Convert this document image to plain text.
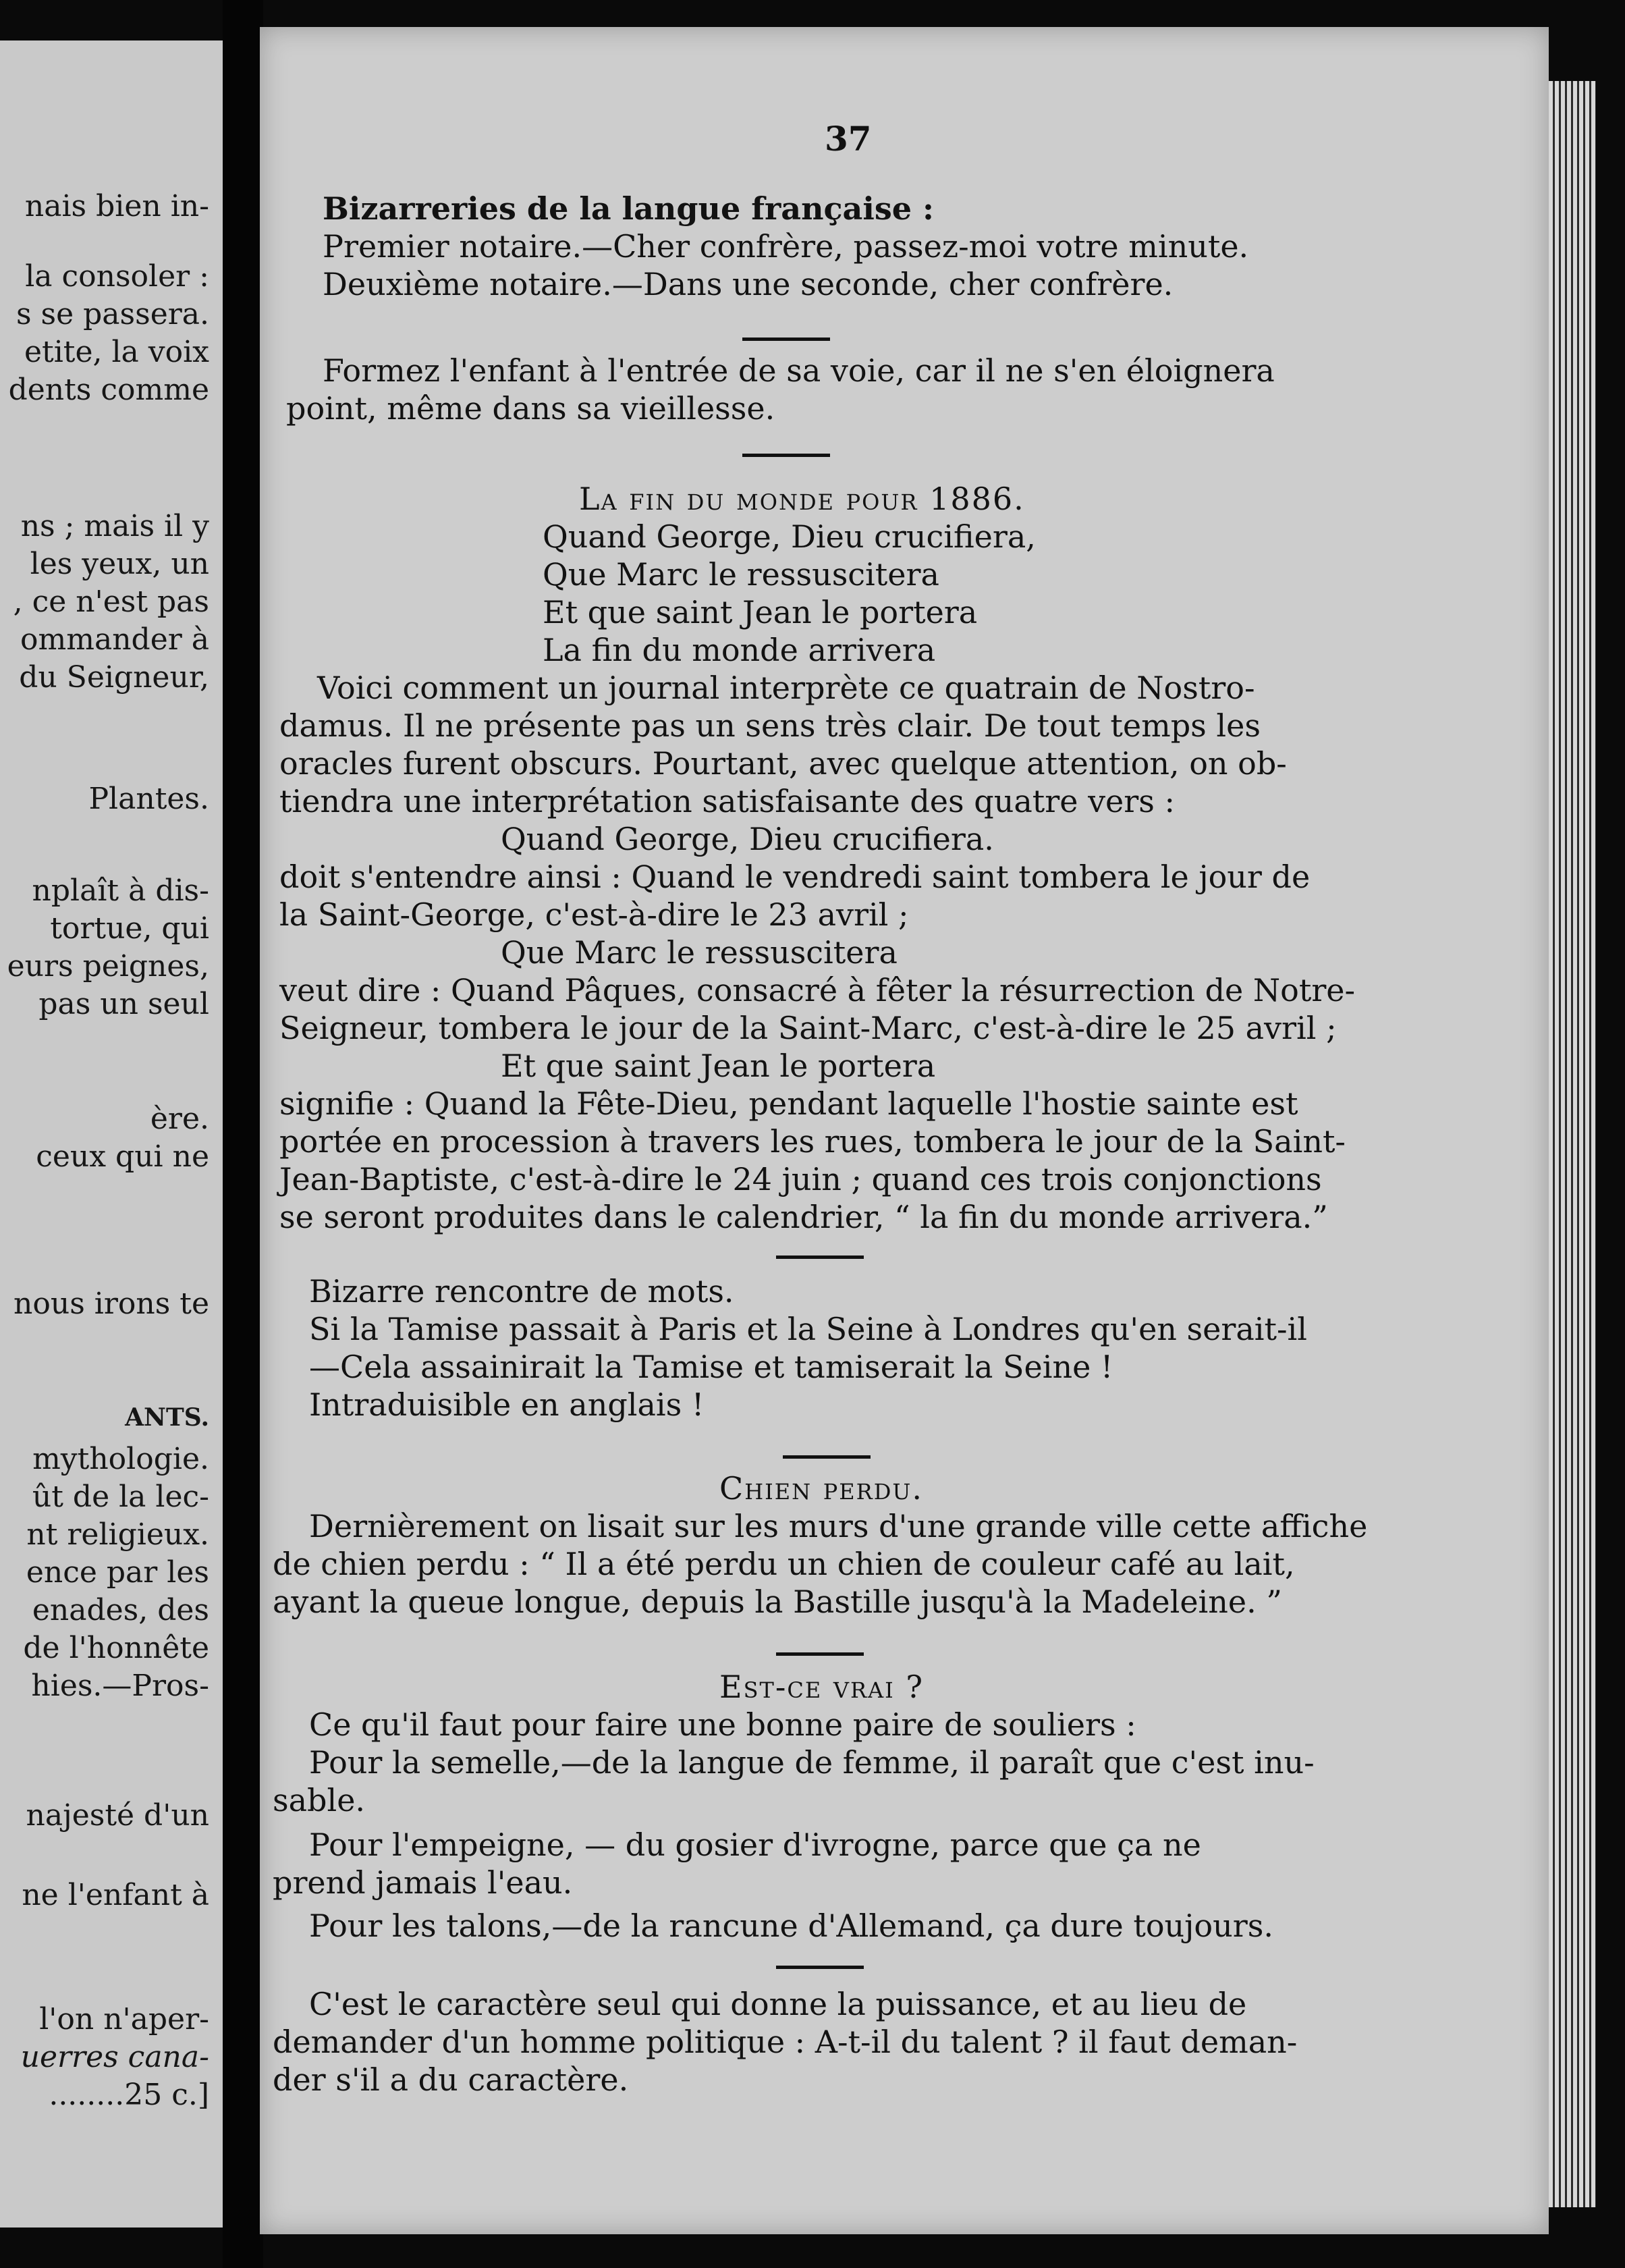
nais bien in-
la consoler :
s se passera.
etite, la voix
dents comme
ns ; mais il y
les yeux, un
, ce n'est pas
ommander à
du Seigneur,
Plantes.
nplaît à dis-
tortue, qui
eurs peignes,
pas un seul
ère.
ceux qui ne
nous irons te
ANTS.
mythologie.
ût de la lec-
nt religieux.
ence par les
enades, des
de l'honnête
hies.—Pros-
najesté d'un
ne l'enfant à
l'on n'aper-
uerres cana-
........25 c.]
37
Bizarreries de la langue française :
Premier notaire.—Cher confrère, passez-moi votre minute.
Deuxième notaire.—Dans une seconde, cher confrère.
Formez l'enfant à l'entrée de sa voie, car il ne s'en éloignera
point, même dans sa vieillesse.
La fin du monde pour 1886.
Quand George, Dieu crucifiera,
Que Marc le ressuscitera
Et que saint Jean le portera
La fin du monde arrivera
Voici comment un journal interprète ce quatrain de Nostro-
damus. Il ne présente pas un sens très clair. De tout temps les
oracles furent obscurs. Pourtant, avec quelque attention, on ob-
tiendra une interprétation satisfaisante des quatre vers :
Quand George, Dieu crucifiera.
doit s'entendre ainsi : Quand le vendredi saint tombera le jour de
la Saint-George, c'est-à-dire le 23 avril ;
Que Marc le ressuscitera
veut dire : Quand Pâques, consacré à fêter la résurrection de Notre-
Seigneur, tombera le jour de la Saint-Marc, c'est-à-dire le 25 avril ;
Et que saint Jean le portera
signifie : Quand la Fête-Dieu, pendant laquelle l'hostie sainte est
portée en procession à travers les rues, tombera le jour de la Saint-
Jean-Baptiste, c'est-à-dire le 24 juin ; quand ces trois conjonctions
se seront produites dans le calendrier, “ la fin du monde arrivera.”
Bizarre rencontre de mots.
Si la Tamise passait à Paris et la Seine à Londres qu'en serait-il
—Cela assainirait la Tamise et tamiserait la Seine !
Intraduisible en anglais !
Chien perdu.
Dernièrement on lisait sur les murs d'une grande ville cette affiche
de chien perdu : “ Il a été perdu un chien de couleur café au lait,
ayant la queue longue, depuis la Bastille jusqu'à la Madeleine. ”
Est-ce vrai ?
Ce qu'il faut pour faire une bonne paire de souliers :
Pour la semelle,—de la langue de femme, il paraît que c'est inu-
sable.
Pour l'empeigne, — du gosier d'ivrogne, parce que ça ne
prend jamais l'eau.
Pour les talons,—de la rancune d'Allemand, ça dure toujours.
C'est le caractère seul qui donne la puissance, et au lieu de
demander d'un homme politique : A-t-il du talent ? il faut deman-
der s'il a du caractère.
